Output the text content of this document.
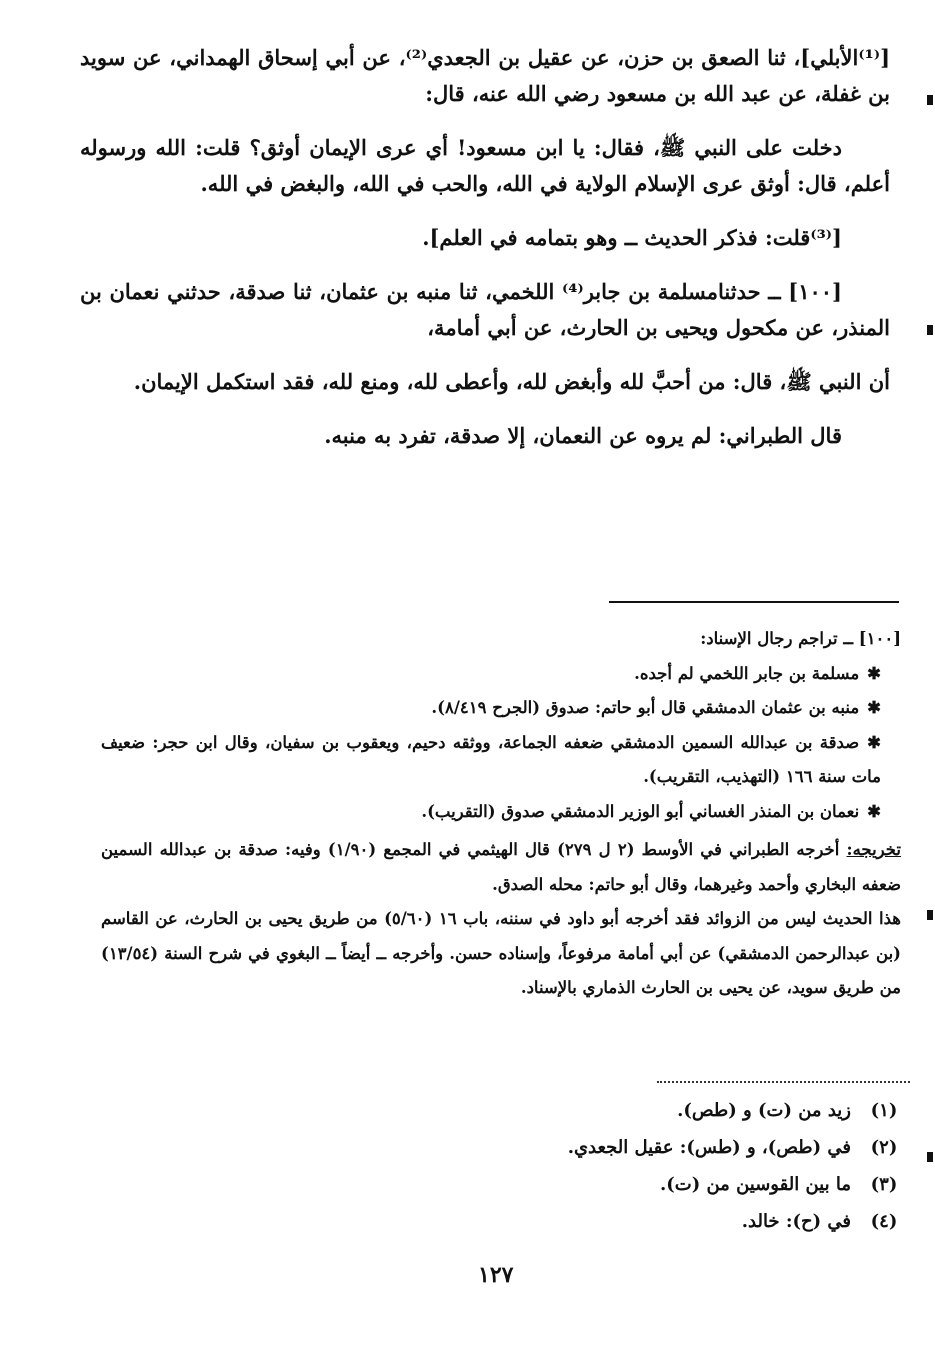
[⁽¹⁾الأبلي]، ثنا الصعق بن حزن، عن عقيل بن الجعدي⁽²⁾، عن أبي إسحاق الهمداني، عن سويد بن غفلة، عن عبد الله بن مسعود رضي الله عنه، قال:

دخلت على النبي ﷺ، فقال: يا ابن مسعود! أي عرى الإيمان أوثق؟ قلت: الله ورسوله أعلم، قال: أوثق عرى الإسلام الولاية في الله، والحب في الله، والبغض في الله.

[⁽³⁾قلت: فذكر الحديث ــ وهو بتمامه في العلم].

[١٠٠] ــ حدثنامسلمة بن جابر⁽⁴⁾ اللخمي، ثنا منبه بن عثمان، ثنا صدقة، حدثني نعمان بن المنذر، عن مكحول ويحيى بن الحارث، عن أبي أمامة،

أن النبي ﷺ، قال: من أحبَّ لله وأبغض لله، وأعطى لله، ومنع لله، فقد استكمل الإيمان.

قال الطبراني: لم يروه عن النعمان، إلا صدقة، تفرد به منبه.

[١٠٠] ــ تراجم رجال الإسناد:

✱مسلمة بن جابر اللخمي لم أجده.
✱منبه بن عثمان الدمشقي قال أبو حاتم: صدوق (الجرح ٨/٤١٩).
✱صدقة بن عبدالله السمين الدمشقي ضعفه الجماعة، ووثقه دحيم، ويعقوب بن سفيان، وقال ابن حجر: ضعيف مات سنة ١٦٦ (التهذيب، التقريب).
✱نعمان بن المنذر الغساني أبو الوزير الدمشقي صدوق (التقريب).

تخريجه: أخرجه الطبراني في الأوسط (٢ ل ٢٧٩) قال الهيثمي في المجمع (١/٩٠) وفيه: صدقة بن عبدالله السمين ضعفه البخاري وأحمد وغيرهما، وقال أبو حاتم: محله الصدق.

هذا الحديث ليس من الزوائد فقد أخرجه أبو داود في سننه، باب ١٦ (٥/٦٠) من طريق يحيى بن الحارث، عن القاسم (بن عبدالرحمن الدمشقي) عن أبي أمامة مرفوعاً، وإسناده حسن. وأخرجه ــ أيضاً ــ البغوي في شرح السنة (١٣/٥٤) من طريق سويد، عن يحيى بن الحارث الذماري بالإسناد.

(١)
زيد من (ت) و (طص).
(٢)
في (طص)، و (طس): عقيل الجعدي.
(٣)
ما بين القوسين من (ت).
(٤)
في (ح): خالد.
١٢٧
